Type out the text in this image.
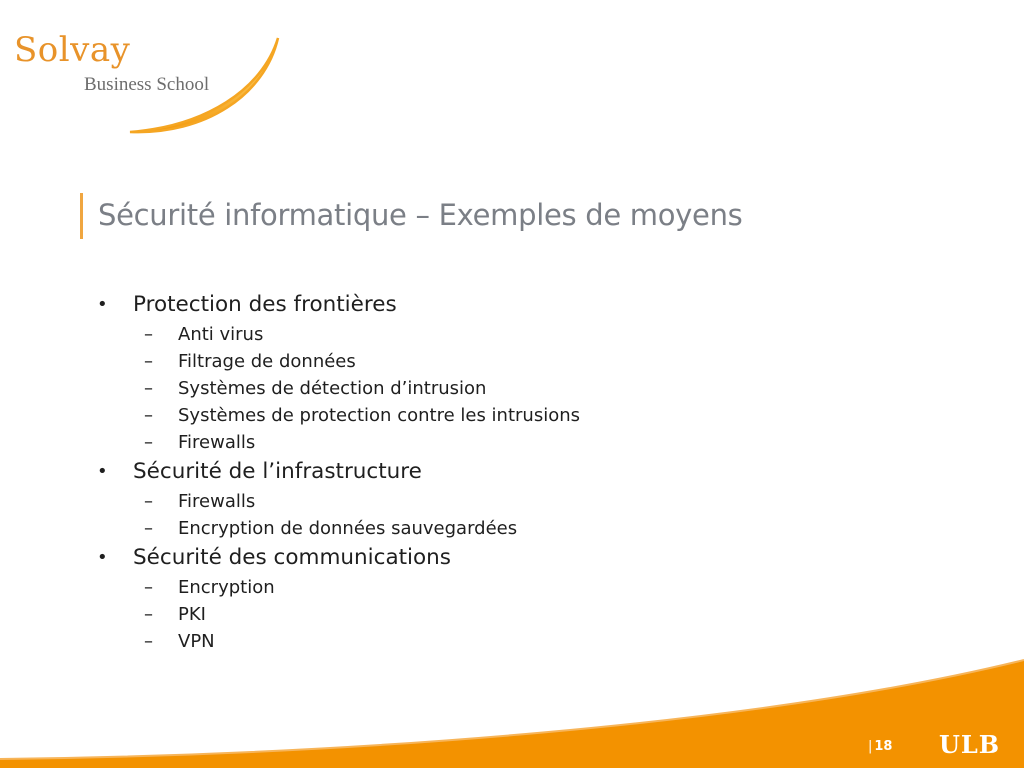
Solvay
Business School
Sécurité informatique – Exemples de moyens
• Protection des frontières
– Anti virus
– Filtrage de données
– Systèmes de détection d’intrusion
– Systèmes de protection contre les intrusions
– Firewalls
• Sécurité de l’infrastructure
– Firewalls
– Encryption de données sauvegardées
• Sécurité des communications
– Encryption
– PKI
– VPN
| 18 ULB
